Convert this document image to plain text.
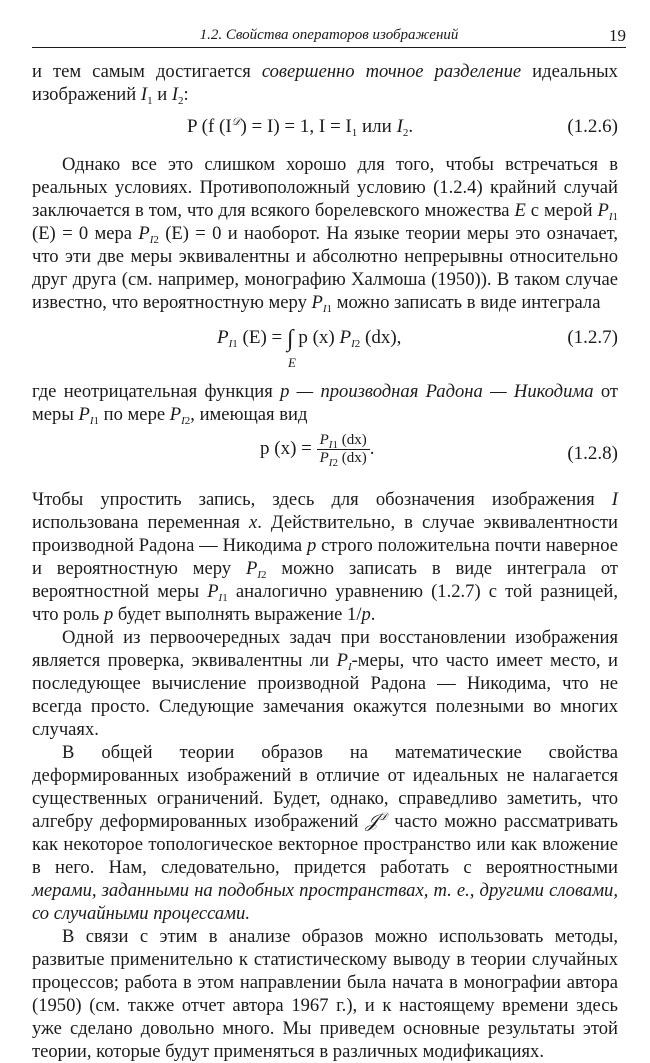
1.2. Свойства операторов изображений	19

и тем самым достигается совершенно точное разделение идеальных изображений $I_1$ и $I_2$:

P (f $(I^𝒟) = I) = 1$, $I = I_1$ или $I_2$.	(1.2.6)

Однако все это слишком хорошо для того, чтобы встречаться в реальных условиях. Противоположный условию (1.2.4) крайний случай заключается в том, что для всякого борелевского множества E с мерой $P_{I1}$ (E) = 0 мера $P_{I2}$ (E) = 0 и наоборот. На языке теории меры это означает, что эти две меры эквивалентны и абсолютно непрерывны относительно друг друга (см. например, монографию Халмоша (1950)). В таком случае известно, что вероятностную меру $P_{I1}$ можно записать в виде интеграла

$P_{I1}$ (E) = ∫
E
p (x) $P_{I2}$ (dx),	(1.2.7)

где неотрицательная функция p — производная Радона — Никодима от меры $P_{I1}$ по мере $P_{I2}$, имеющая вид

p $(x) = \frac{P_{I1} (dx)}{P_{I2} (dx)}$ .	(1.2.8)

Чтобы упростить запись, здесь для обозначения изображения I использована переменная x. Действительно, в случае эквивалентности производной Радона — Никодима p строго положительна почти наверное и вероятностную меру $P_{I2}$ можно записать в виде интеграла от вероятностной меры $P_{I1}$ аналогично уравнению (1.2.7) с той разницей, что роль p будет выполнять выражение 1/p.

Одной из первоочередных задач при восстановлении изображения является проверка, эквивалентны ли $P_I$-меры, что часто имеет место, и последующее вычисление производной Радона — Никодима, что не всегда просто. Следующие замечания окажутся полезными во многих случаях.

В общей теории образов на математические свойства деформированных изображений в отличие от идеальных не налагается существенных ограничений. Будет, однако, справедливо заметить, что алгебру деформированных изображений 𝒥$^𝒟$ часто можно рассматривать как некоторое топологическое векторное пространство или как вложение в него. Нам, следовательно, придется работать с вероятностными мерами, заданными на подобных пространствах, т. е., другими словами, со случайными процессами.

В связи с этим в анализе образов можно использовать методы, развитые применительно к статистическому выводу в теории случайных процессов; работа в этом направлении была начата в монографии автора (1950) (см. также отчет автора 1967 г.), и к настоящему времени здесь уже сделано довольно много. Мы приведем основные результаты этой теории, которые будут применяться в различных модификациях.
